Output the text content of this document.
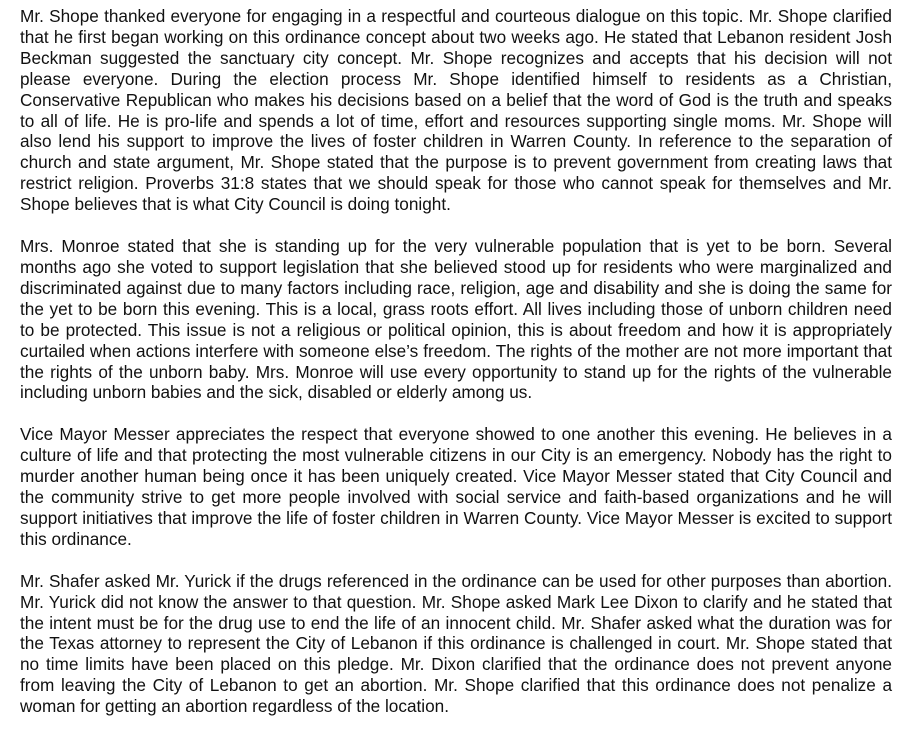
Mr. Shope thanked everyone for engaging in a respectful and courteous dialogue on this topic. Mr. Shope clarified that he first began working on this ordinance concept about two weeks ago. He stated that Lebanon resident Josh Beckman suggested the sanctuary city concept. Mr. Shope recognizes and accepts that his decision will not please everyone. During the election process Mr. Shope identified himself to residents as a Christian, Conservative Republican who makes his decisions based on a belief that the word of God is the truth and speaks to all of life. He is pro-life and spends a lot of time, effort and resources supporting single moms. Mr. Shope will also lend his support to improve the lives of foster children in Warren County. In reference to the separation of church and state argument, Mr. Shope stated that the purpose is to prevent government from creating laws that restrict religion. Proverbs 31:8 states that we should speak for those who cannot speak for themselves and Mr. Shope believes that is what City Council is doing tonight.

Mrs. Monroe stated that she is standing up for the very vulnerable population that is yet to be born. Several months ago she voted to support legislation that she believed stood up for residents who were marginalized and discriminated against due to many factors including race, religion, age and disability and she is doing the same for the yet to be born this evening. This is a local, grass roots effort. All lives including those of unborn children need to be protected. This issue is not a religious or political opinion, this is about freedom and how it is appropriately curtailed when actions interfere with someone else’s freedom. The rights of the mother are not more important that the rights of the unborn baby. Mrs. Monroe will use every opportunity to stand up for the rights of the vulnerable including unborn babies and the sick, disabled or elderly among us.

Vice Mayor Messer appreciates the respect that everyone showed to one another this evening. He believes in a culture of life and that protecting the most vulnerable citizens in our City is an emergency. Nobody has the right to murder another human being once it has been uniquely created. Vice Mayor Messer stated that City Council and the community strive to get more people involved with social service and faith-based organizations and he will support initiatives that improve the life of foster children in Warren County. Vice Mayor Messer is excited to support this ordinance.

Mr. Shafer asked Mr. Yurick if the drugs referenced in the ordinance can be used for other purposes than abortion. Mr. Yurick did not know the answer to that question. Mr. Shope asked Mark Lee Dixon to clarify and he stated that the intent must be for the drug use to end the life of an innocent child. Mr. Shafer asked what the duration was for the Texas attorney to represent the City of Lebanon if this ordinance is challenged in court. Mr. Shope stated that no time limits have been placed on this pledge. Mr. Dixon clarified that the ordinance does not prevent anyone from leaving the City of Lebanon to get an abortion. Mr. Shope clarified that this ordinance does not penalize a woman for getting an abortion regardless of the location.
